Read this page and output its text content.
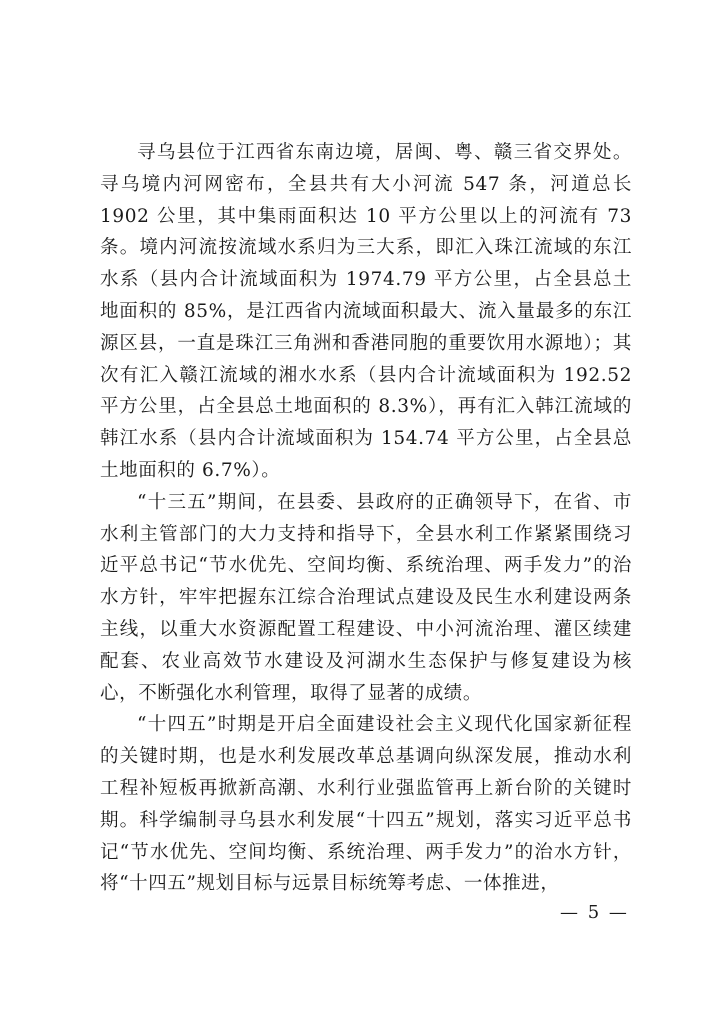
寻乌县位于江西省东南边境，居闽、粤、赣三省交界处。寻乌境内河网密布，全县共有大小河流 547 条，河道总长 1902 公里，其中集雨面积达 10 平方公里以上的河流有 73 条。境内河流按流域水系归为三大系，即汇入珠江流域的东江水系（县内合计流域面积为 1974.79 平方公里，占全县总土地面积的 85%，是江西省内流域面积最大、流入量最多的东江源区县，一直是珠江三角洲和香港同胞的重要饮用水源地）；其次有汇入赣江流域的湘水水系（县内合计流域面积为 192.52 平方公里，占全县总土地面积的 8.3%），再有汇入韩江流域的韩江水系（县内合计流域面积为 154.74 平方公里，占全县总土地面积的 6.7%）。

“十三五”期间，在县委、县政府的正确领导下，在省、市水利主管部门的大力支持和指导下，全县水利工作紧紧围绕习近平总书记“节水优先、空间均衡、系统治理、两手发力”的治水方针，牢牢把握东江综合治理试点建设及民生水利建设两条主线，以重大水资源配置工程建设、中小河流治理、灌区续建配套、农业高效节水建设及河湖水生态保护与修复建设为核心，不断强化水利管理，取得了显著的成绩。

“十四五”时期是开启全面建设社会主义现代化国家新征程的关键时期，也是水利发展改革总基调向纵深发展，推动水利工程补短板再掀新高潮、水利行业强监管再上新台阶的关键时期。科学编制寻乌县水利发展“十四五”规划，落实习近平总书记“节水优先、空间均衡、系统治理、两手发力”的治水方针，将“十四五”规划目标与远景目标统筹考虑、一体推进，

— 5 —
